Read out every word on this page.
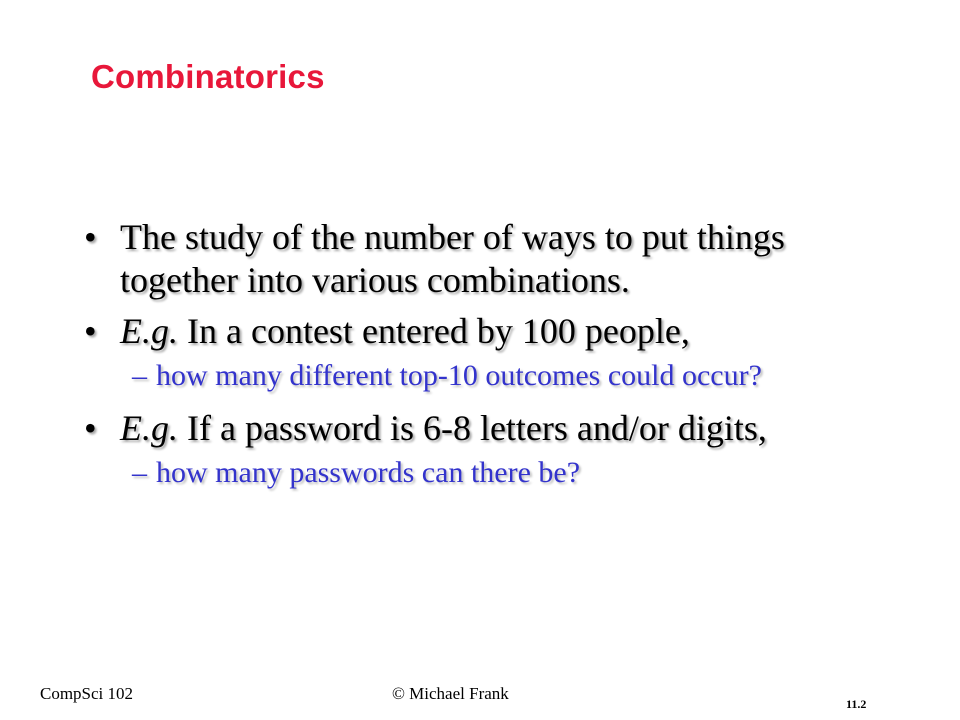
Combinatorics
• The study of the number of ways to put things together into various combinations.
• E.g. In a contest entered by 100 people,
– how many different top-10 outcomes could occur?
• E.g. If a password is 6-8 letters and/or digits,
– how many passwords can there be?
CompSci 102	© Michael Frank
11.2
